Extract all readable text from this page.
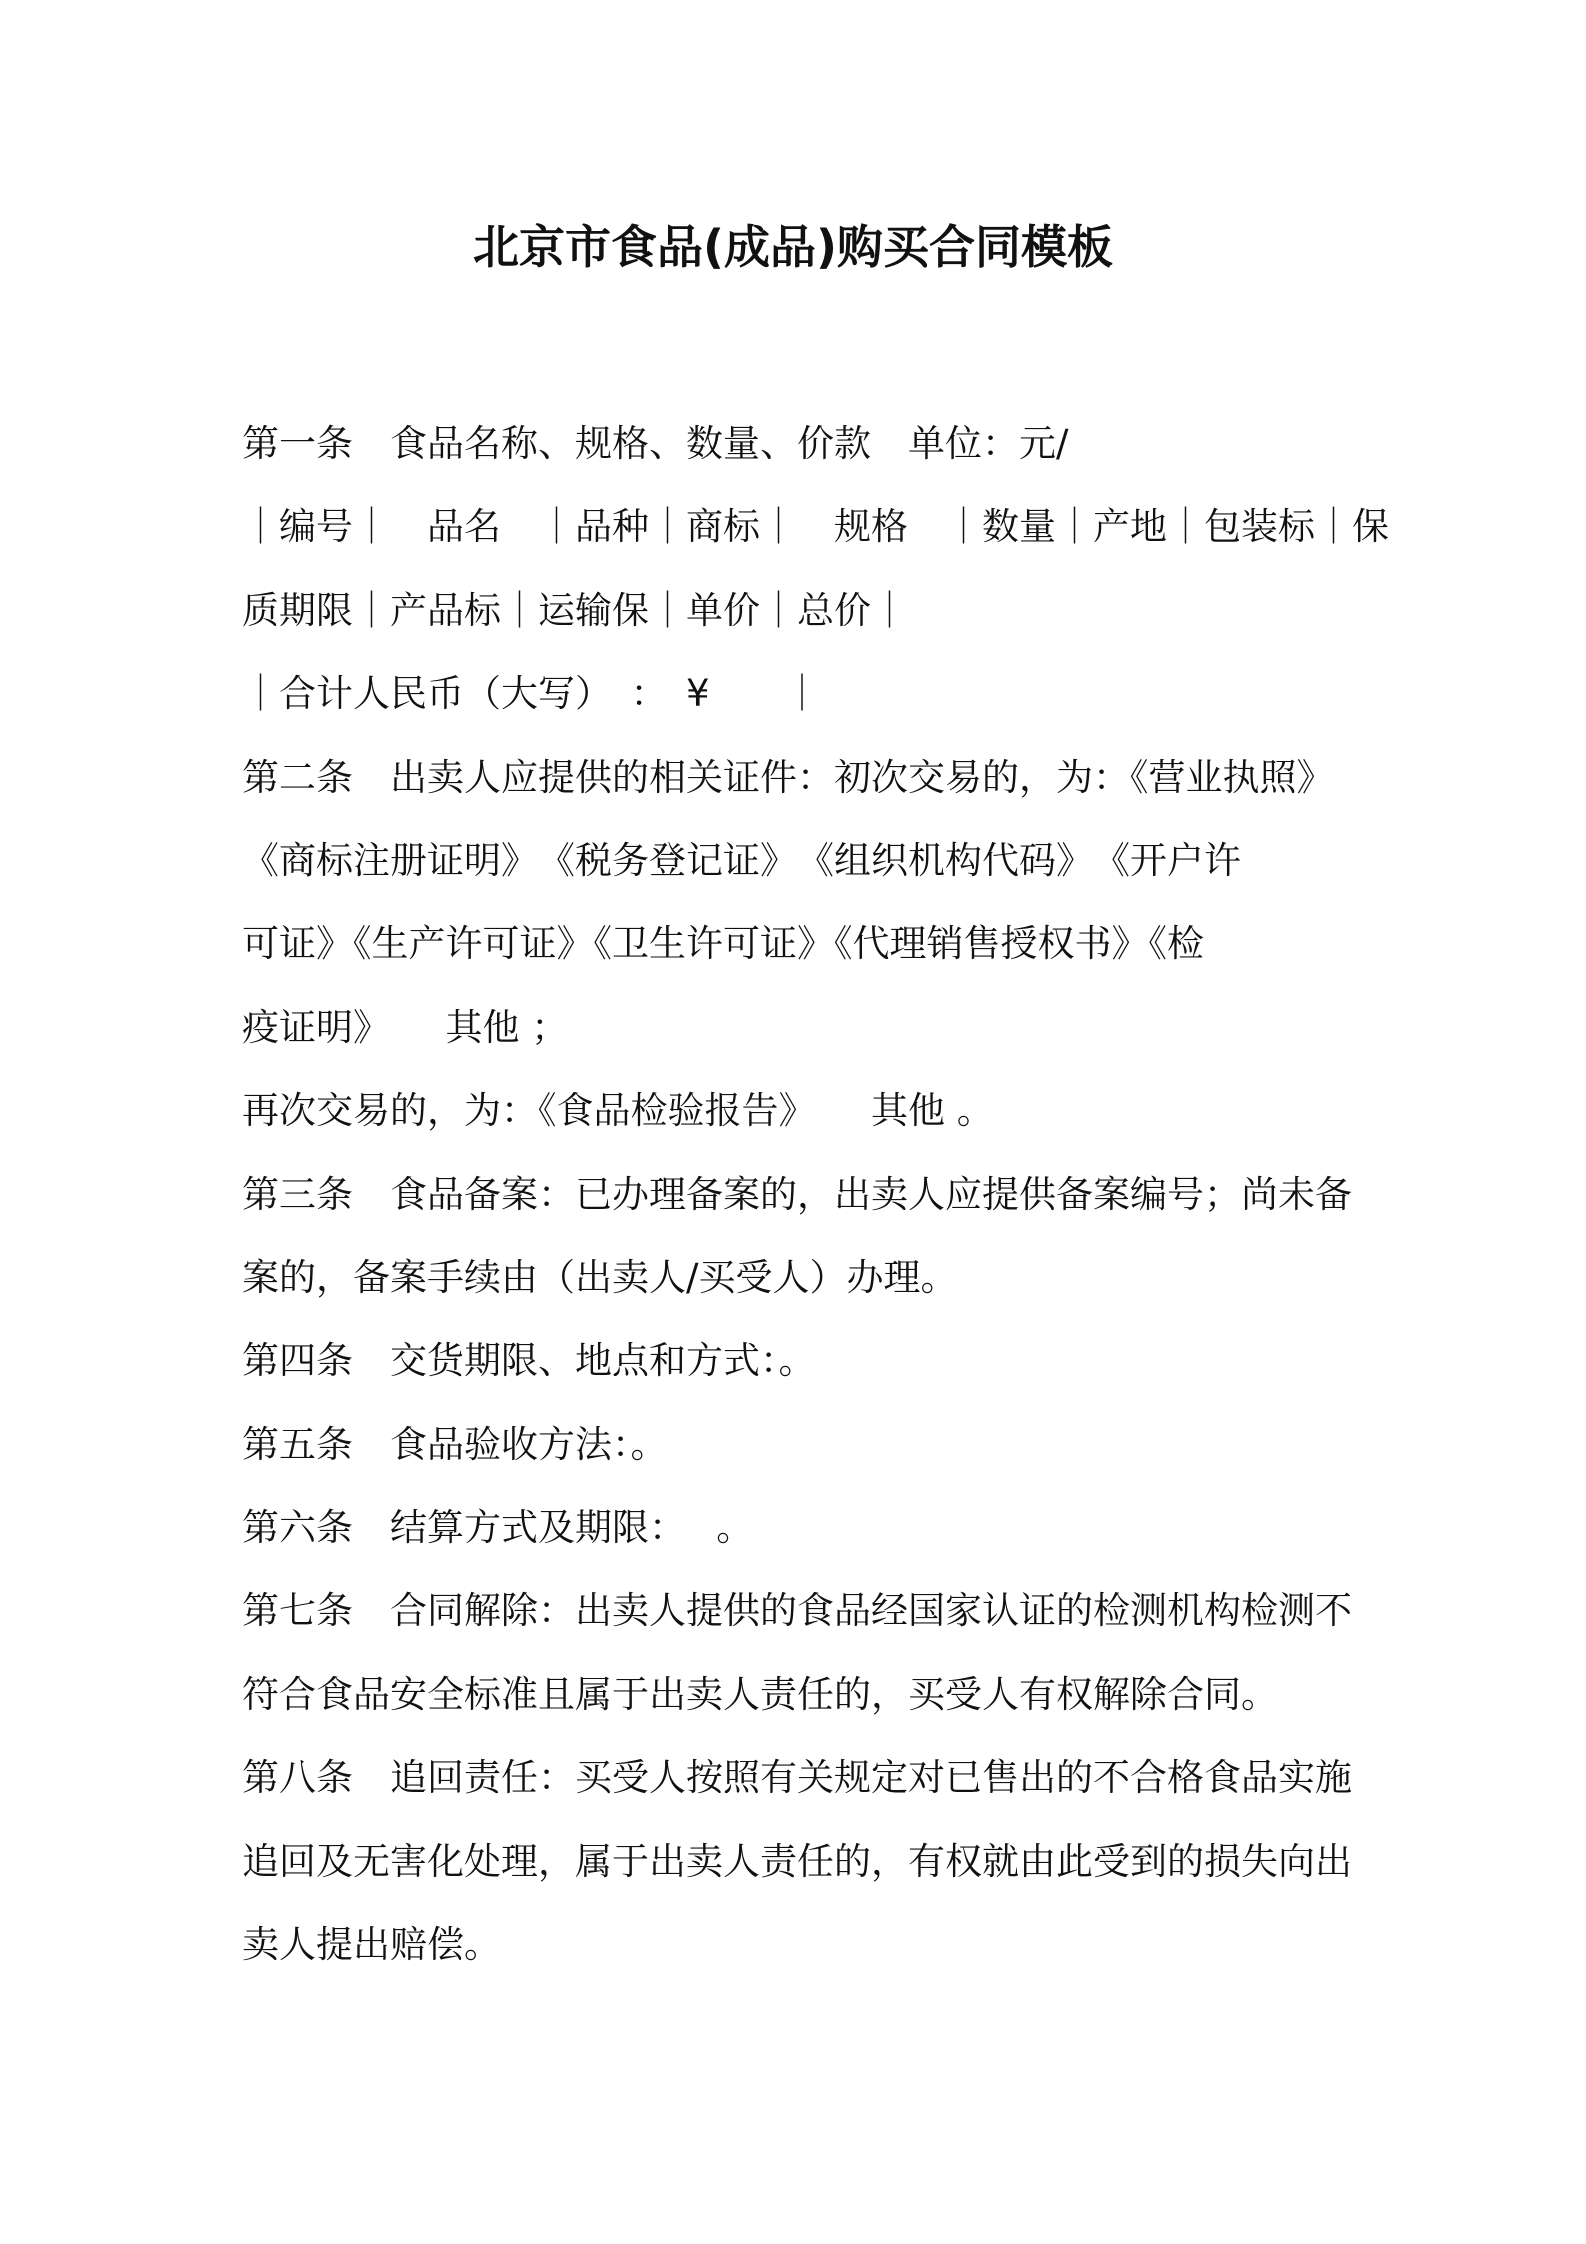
北京市食品(成品)购买合同模板
第一条　食品名称、规格、数量、价款　单位：元/
｜编号｜　品名　｜品种｜商标｜　规格　｜数量｜产地｜包装标｜保
质期限｜产品标｜运输保｜单价｜总价｜
｜合计人民币（大写）　：　¥　　｜
第二条　出卖人应提供的相关证件：初次交易的，为：《营业执照》
《商标注册证明》　《税务登记证》　《组织机构代码》　《开户许
可证》《生产许可证》《卫生许可证》《代理销售授权书》《检
疫证明》　　其他 ；
再次交易的，为：《食品检验报告》　　其他 。
第三条　食品备案：已办理备案的，出卖人应提供备案编号；尚未备
案的，备案手续由（出卖人/买受人）办理。
第四条　交货期限、地点和方式：。
第五条　食品验收方法：。
第六条　结算方式及期限：　 。
第七条　合同解除：出卖人提供的食品经国家认证的检测机构检测不
符合食品安全标准且属于出卖人责任的，买受人有权解除合同。
第八条　追回责任：买受人按照有关规定对已售出的不合格食品实施
追回及无害化处理，属于出卖人责任的，有权就由此受到的损失向出
卖人提出赔偿。
